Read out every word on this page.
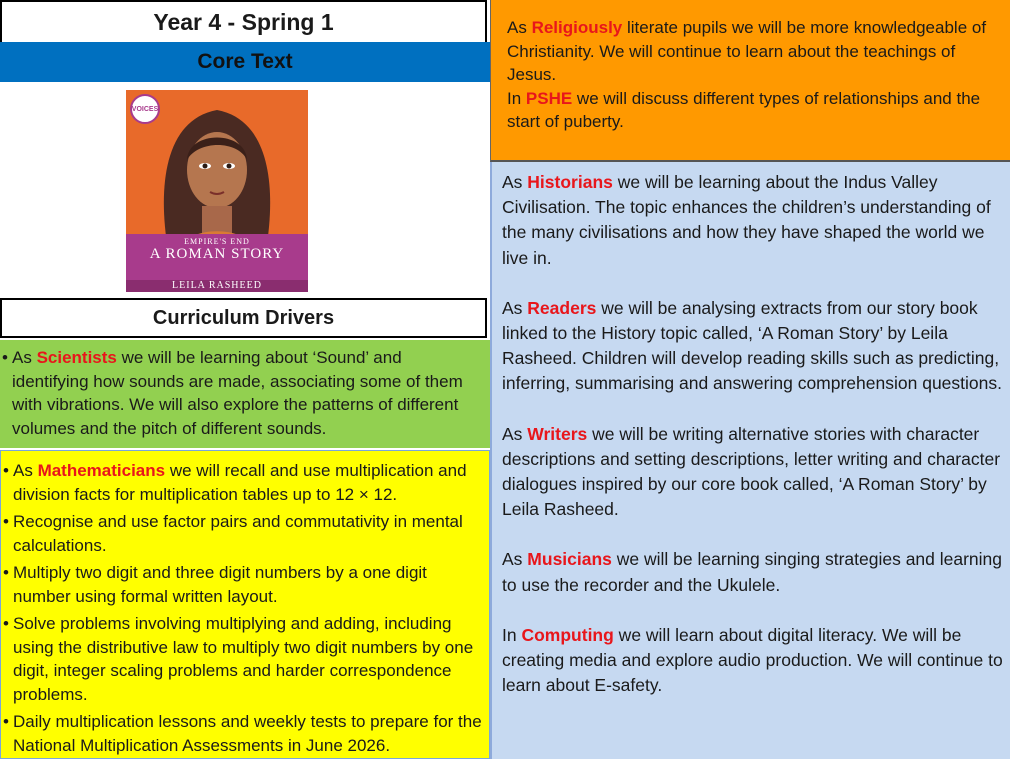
Year 4 - Spring 1
Core Text
VOICES
EMPIRE'S END
A ROMAN STORY
LEILA RASHEED
Curriculum Drivers
• As Scientists we will be learning about ‘Sound’ and identifying how sounds are made, associating some of them with vibrations. We will also explore the patterns of different volumes and the pitch of different sounds.
• As Mathematicians we will recall and use multiplication and division facts for multiplication tables up to 12 × 12.
• Recognise and use factor pairs and commutativity in mental calculations.
• Multiply two digit and three digit numbers by a one digit number using formal written layout.
• Solve problems involving multiplying and adding, including using the distributive law to multiply two digit numbers by one digit, integer scaling problems and harder correspondence problems.
• Daily multiplication lessons and weekly tests to prepare for the National Multiplication Assessments in June 2026.

As Religiously literate pupils we will be more knowledgeable of Christianity. We will continue to learn about the teachings of Jesus.

In PSHE we will discuss different types of relationships and the start of puberty.

As Historians we will be learning about the Indus Valley Civilisation. The topic enhances the children’s understanding of the many civilisations and how they have shaped the world we live in.

As Readers we will be analysing extracts from our story book linked to the History topic called, ‘A Roman Story’ by Leila Rasheed. Children will develop reading skills such as predicting, inferring, summarising and answering comprehension questions.

As Writers we will be writing alternative stories with character descriptions and setting descriptions, letter writing and character dialogues inspired by our core book called, ‘A Roman Story’ by Leila Rasheed.

As Musicians we will be learning singing strategies and learning to use the recorder and the Ukulele.

In Computing we will learn about digital literacy. We will be creating media and explore audio production. We will continue to learn about E-safety.
